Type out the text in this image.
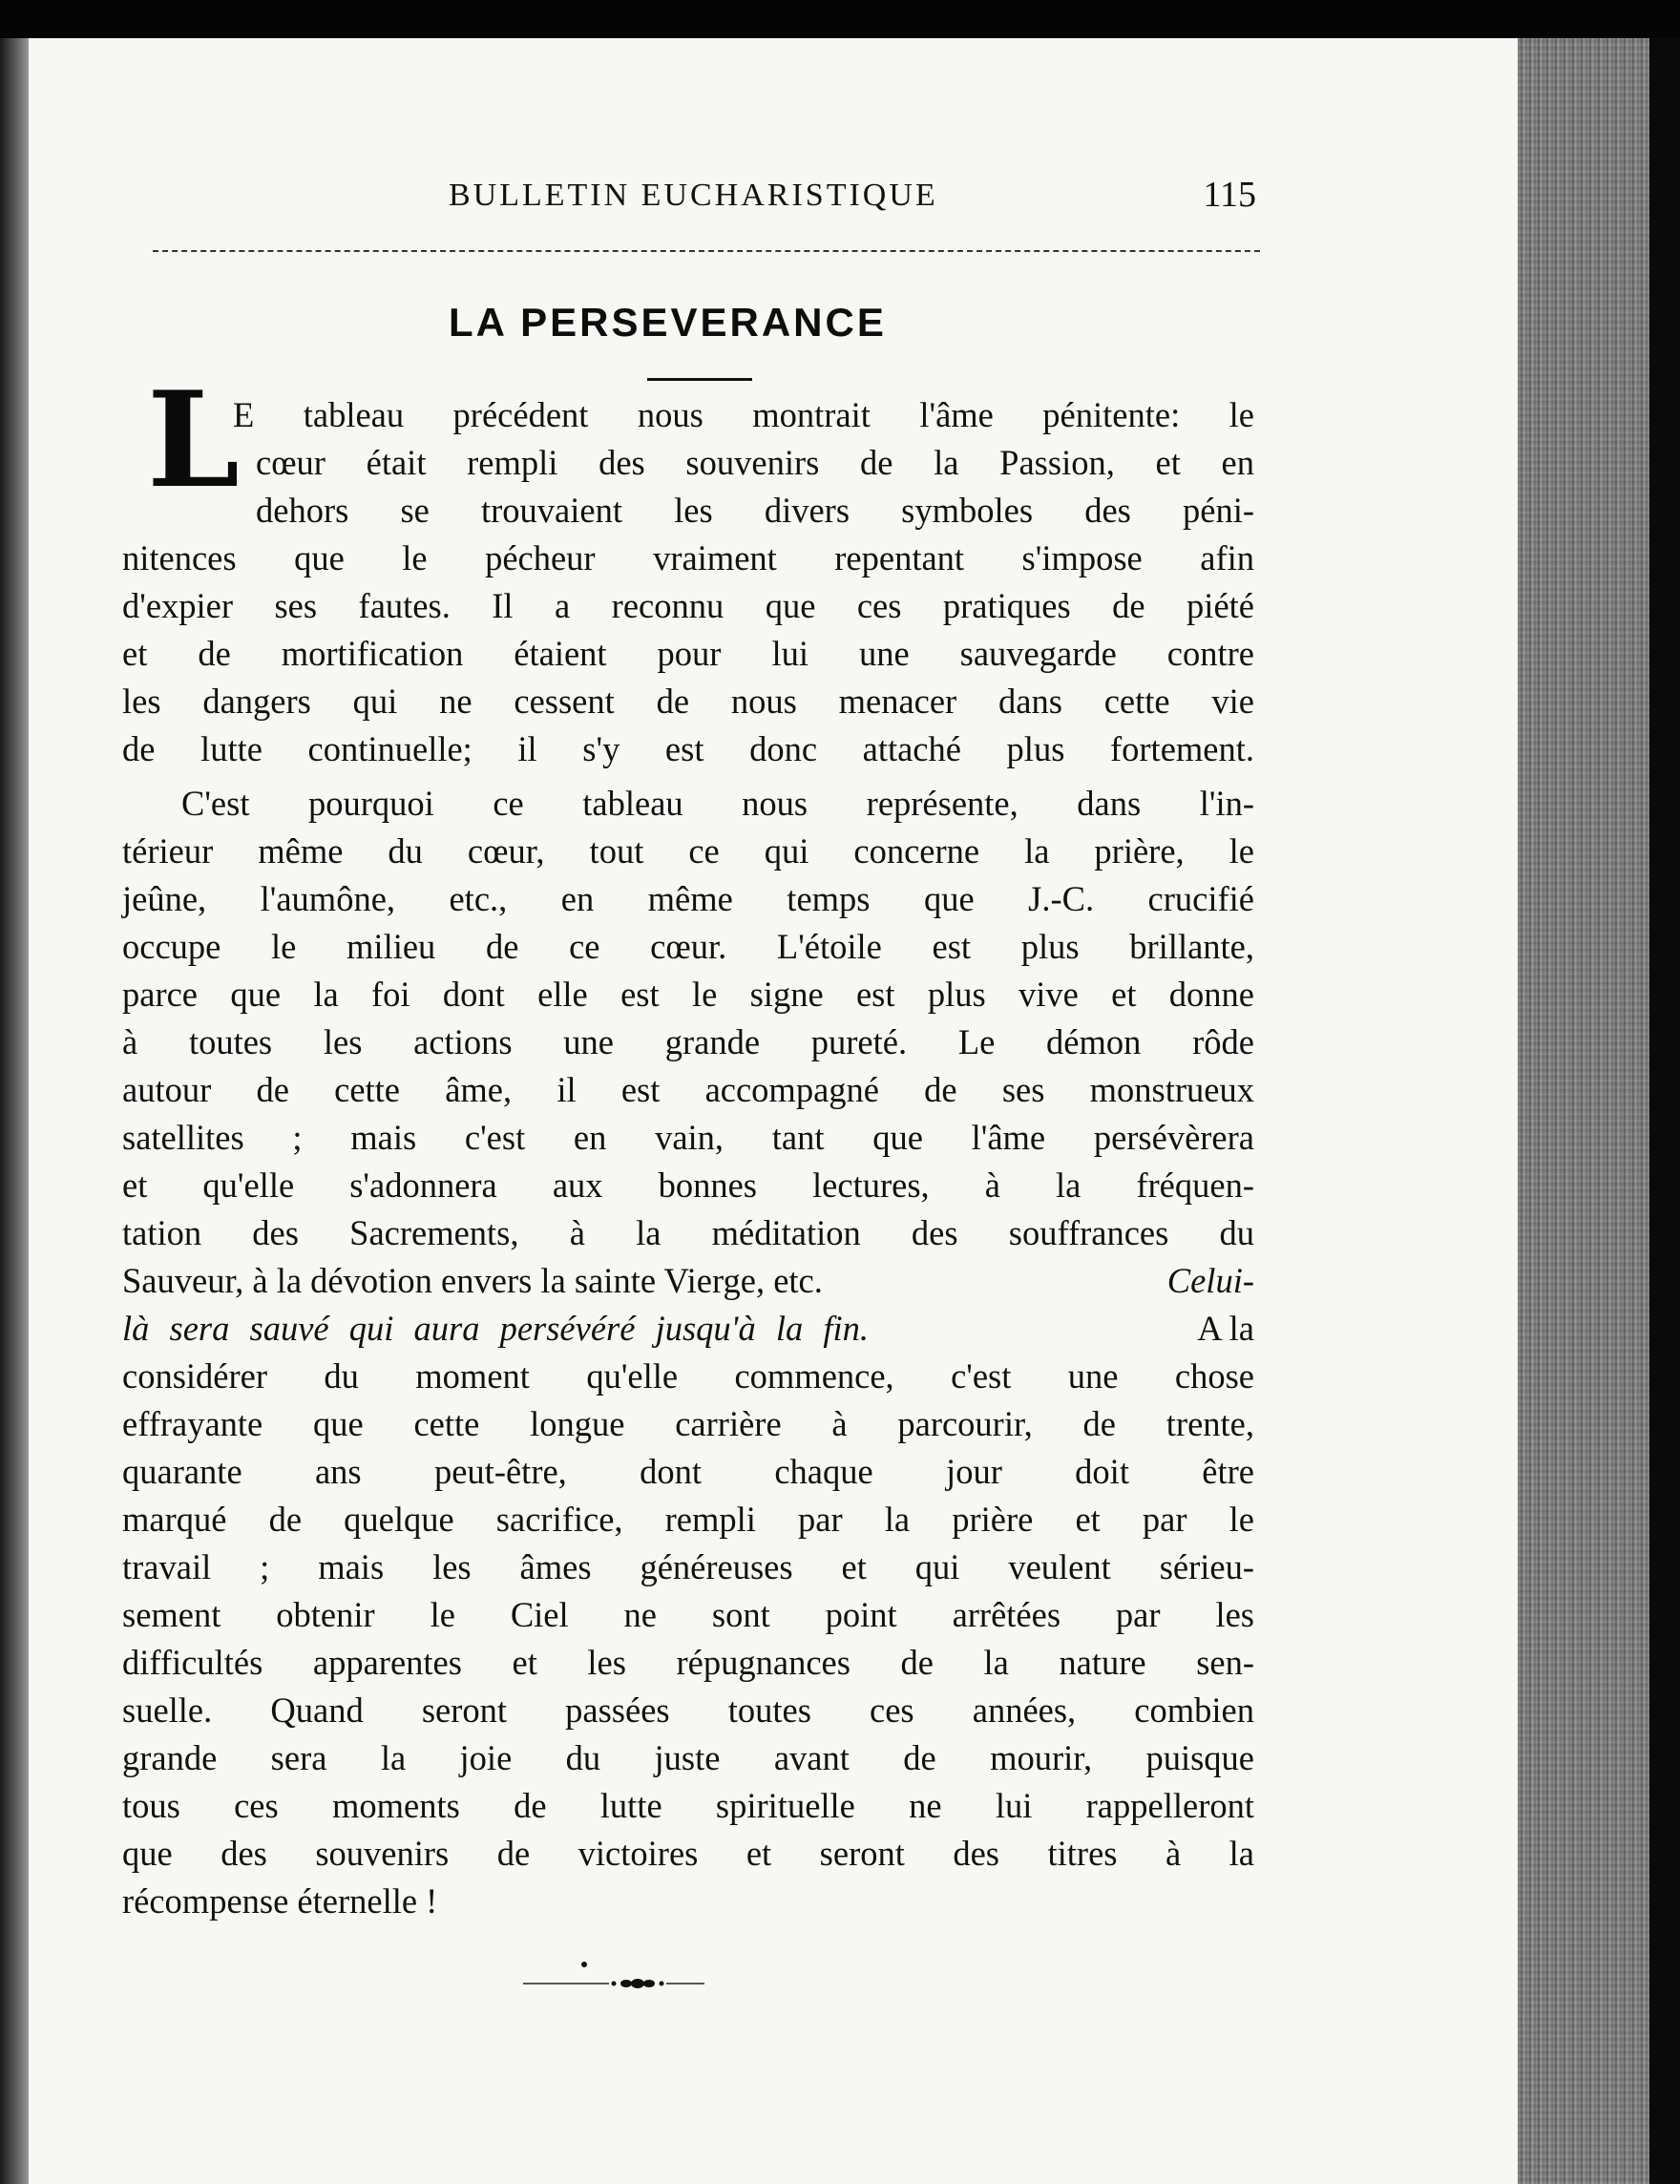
BULLETIN EUCHARISTIQUE	115
LA PERSEVERANCE
L
E tableau précédent nous montrait l'âme pénitente: le
cœur était rempli des souvenirs de la Passion, et en
dehors se trouvaient les divers symboles des péni-
nitences que le pécheur vraiment repentant s'impose afin
d'expier ses fautes. Il a reconnu que ces pratiques de piété
et de mortification étaient pour lui une sauvegarde contre
les dangers qui ne cessent de nous menacer dans cette vie
de lutte continuelle; il s'y est donc attaché plus fortement.
C'est pourquoi ce tableau nous représente, dans l'in-
térieur même du cœur, tout ce qui concerne la prière, le
jeûne, l'aumône, etc., en même temps que J.-C. crucifié
occupe le milieu de ce cœur. L'étoile est plus brillante,
parce que la foi dont elle est le signe est plus vive et donne
à toutes les actions une grande pureté. Le démon rôde
autour de cette âme, il est accompagné de ses monstrueux
satellites ; mais c'est en vain, tant que l'âme persévèrera
et qu'elle s'adonnera aux bonnes lectures, à la fréquen-
tation des Sacrements, à la méditation des souffrances du
Sauveur, à la dévotion envers la sainte Vierge, etc.	Celui-
là sera sauvé qui aura persévéré jusqu'à la fin.	A la
considérer du moment qu'elle commence, c'est une chose
effrayante que cette longue carrière à parcourir, de trente,
quarante ans peut-être, dont chaque jour doit être
marqué de quelque sacrifice, rempli par la prière et par le
travail ; mais les âmes généreuses et qui veulent sérieu-
sement obtenir le Ciel ne sont point arrêtées par les
difficultés apparentes et les répugnances de la nature sen-
suelle. Quand seront passées toutes ces années, combien
grande sera la joie du juste avant de mourir, puisque
tous ces moments de lutte spirituelle ne lui rappelleront
que des souvenirs de victoires et seront des titres à la
récompense éternelle !
